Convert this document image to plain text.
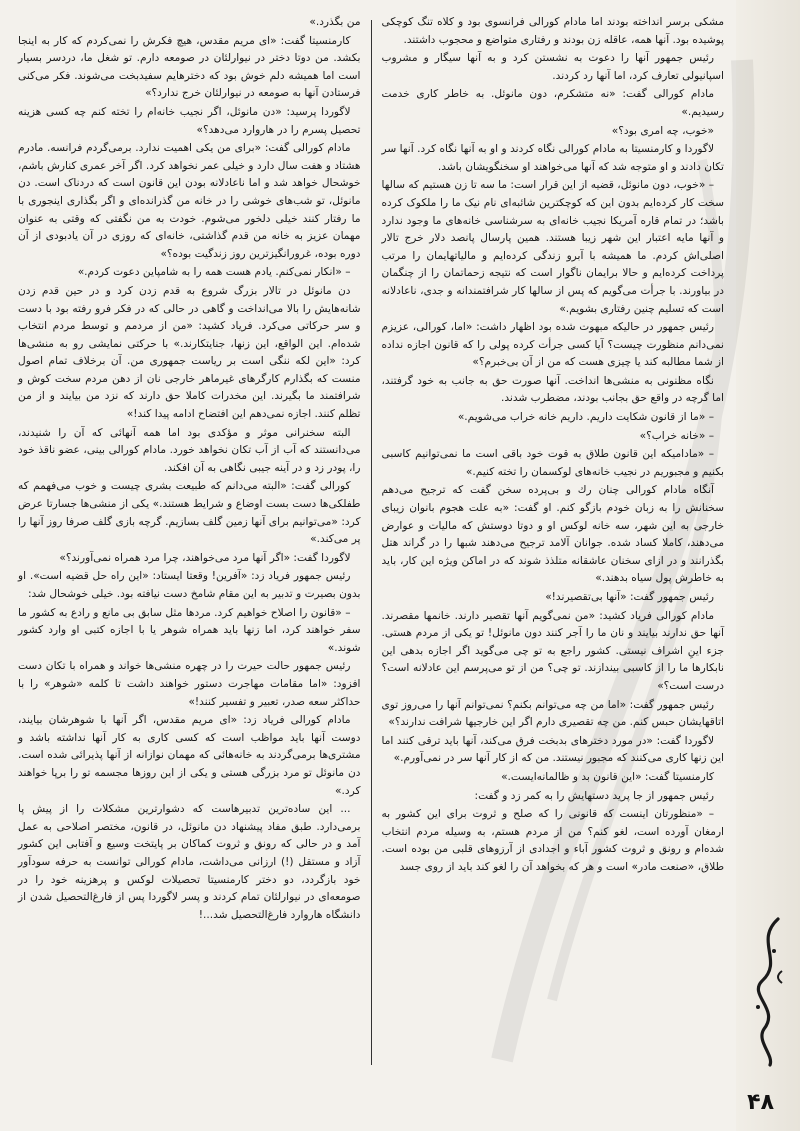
مشکی برسر انداخته بودند اما مادام کورالی فرانسوی بود و کلاه تنگ کوچکی پوشیده بود. آنها همه، عاقله زن بودند و رفتاری متواضع و محجوب داشتند.

رئیس جمهور آنها را دعوت به نشستن کرد و به آنها سیگار و مشروب اسپانیولی تعارف کرد، اما آنها رد کردند.

مادام کورالی گفت: «نه متشکرم، دون مانوئل. به خاطر کاری خدمت رسیدیم.»

«خوب، چه امری بود؟»

لاگوردا و کارمنسیتا به مادام کورالی نگاه کردند و او به آنها نگاه کرد. آنها سر تکان دادند و او متوجه شد که آنها می‌خواهند او سخنگویشان باشد.

– «خوب، دون مانوئل، قضیه از این قرار است: ما سه تا زن هستیم که سالها سخت کار کرده‌ایم بدون این که کوچکترین شائبه‌ای نام نیک ما را ملکوک کرده باشد؛ در تمام قاره آمریکا نجیب خانه‌ای به سرشناسی خانه‌های ما وجود ندارد و آنها مایه اعتبار این شهر زیبا هستند. همین پارسال پانصد دلار خرج تالار اصلی‌اش کردم. ما همیشه با آبرو زندگی کرده‌ایم و مالیاتهایمان را مرتب پرداخت کرده‌ایم و حالا برایمان ناگوار است که نتیجه زحماتمان را از چنگمان در بیاورند. با جرأت می‌گویم که پس از سالها کار شرافتمندانه و جدی، ناعادلانه است که تسلیم چنین رفتاری بشویم.»

رئیس جمهور در حالیکه مبهوت شده بود اظهار داشت: «اما، کورالی، عزیزم نمی‌دانم منظورت چیست؟ آیا کسی جرأت کرده پولی را که قانون اجازه نداده از شما مطالبه کند یا چیزی هست که من از آن بی‌خبرم؟»

نگاه مظنونی به منشی‌ها انداخت. آنها صورت حق به جانب به خود گرفتند، اما گرچه در واقع حق بجانب بودند، مضطرب شدند.

– «ما از قانون شکایت داریم. داریم خانه خراب می‌شویم.»

– «خانه خراب؟»

– «مادامیکه این قانون طلاق به قوت خود باقی است ما نمی‌توانیم کاسبی بکنیم و مجبوریم در نجیب خانه‌های لوکسمان را تخته کنیم.»

آنگاه مادام کورالی چنان رك و بی‌پرده سخن گفت که ترجیح می‌دهم سخنانش را به زبان خودم بازگو کنم. او گفت: «به علت هجوم بانوان زیبای خارجی به این شهر، سه خانه لوکس او و دوتا دوستش که مالیات و عوارض می‌دهند، کاملا کساد شده. جوانان آلامد ترجیح می‌دهند شبها را در گراند هتل بگذرانند و در ازای سخنان عاشقانه متلذذ شوند که در اماکن ویژه این کار، باید به خاطرش پول سیاه بدهند.»

رئیس جمهور گفت: «آنها بی‌تقصیرند!»

مادام کورالی فریاد کشید: «من نمی‌گویم آنها تقصیر دارند. خانمها مقصرند. آنها حق ندارند بیایند و نان ما را آجر کنند دون مانوئل! تو یکی از مردم هستی. جزء اینِ اشراف نیستی. کشور راجع به تو چی می‌گوید اگر اجازه بدهی این نابکارها ما را از کاسبی بیندازند. تو چی؟ من از تو می‌پرسم این عادلانه است؟ درست است؟»

رئیس جمهور گفت: «اما من چه می‌توانم بکنم؟ نمی‌توانم آنها را می‌روز توی اتاقهایشان حبس کنم. من چه تقصیری دارم اگر این خارجیها شرافت ندارند؟»

لاگوردا گفت: «در مورد دخترهای بدبخت فرق می‌کند، آنها باید ترقی کنند اما این زنها کاری می‌کنند که مجبور نیستند. من که از کار آنها سر در نمی‌آورم.»

کارمنسیتا گفت: «این قانون بد و ظالمانه‌ایست.»

رئیس جمهور از جا پرید دستهایش را به کمر زد و گفت:

– «منظورتان اینست که قانونی را که صلح و ثروت برای این کشور به ارمغان آورده است، لغو کنم؟ من از مردم هستم، به وسیله مردم انتخاب شده‌ام و رونق و ثروت کشور آباء و اجدادی از آرزوهای قلبی من بوده است. طلاق، «صنعت مادر» است و هر که بخواهد آن را لغو کند باید از روی جسد

من بگذرد.»

کارمنسیتا گفت: «ای مریم مقدس، هیچ فکرش را نمی‌کردم که کار به اینجا بکشد. من دوتا دختر در نیوارلئان در صومعه دارم. تو شغل ما، دردسر بسیار است اما همیشه دلم خوش بود که دخترهایم سفیدبخت می‌شوند. فکر می‌کنی فرستادن آنها به صومعه در نیوارلئان خرج ندارد؟»

لاگوردا پرسید: «دن مانوئل، اگر نجیب خانه‌ام را تخته کنم چه کسی هزینه تحصیل پسرم را در هاروارد می‌دهد؟»

مادام کورالی گفت: «برای من یکی اهمیت ندارد. برمی‌گردم فرانسه. مادرم هشتاد و هفت سال دارد و خیلی عمر نخواهد کرد. اگر آخر عمری کنارش باشم، خوشحال خواهد شد و اما ناعادلانه بودن این قانون است که دردناک است. دن مانوئل، تو شب‌های خوشی را در خانه من گذرانده‌ای و اگر بگذاری اینجوری با ما رفتار کنند خیلی دلخور می‌شوم. خودت به من نگفتی که وقتی به عنوان مهمان عزیز به خانه من قدم گذاشتی، خانه‌ای که روزی در آن یادبودی از آن دوره بوده، غرورانگیزترین روز زندگیت بوده؟»

– «انکار نمی‌کنم. یادم هست همه را به شامپاین دعوت کردم.»

دن مانوئل در تالار بزرگ شروع به قدم زدن کرد و در حین قدم زدن شانه‌هایش را بالا می‌انداخت و گاهی در حالی که در فکر فرو رفته بود با دست و سر حرکاتی می‌کرد. فریاد کشید: «من از مردمم و توسط مردم انتخاب شده‌ام. این الواقع، این زنها، جنایتکارند.» با حرکتی نمایشی رو به منشی‌ها کرد: «این لکه ننگی است بر ریاست جمهوری من. آن برخلاف تمام اصول منست که بگذارم کارگرهای غیرماهر خارجی نان از دهن مردم سخت کوش و شرافتمند ما بگیرند. این مخدرات کاملا حق دارند که نزد من بیایند و از من تظلم کنند. اجازه نمی‌دهم این افتضاح ادامه پیدا کند!»

البته سخنرانی موثر و مؤکدی بود اما همه آنهائی که آن را شنیدند، می‌دانستند که آب از آب تکان نخواهد خورد. مادام کورالی بینی، عضو ناقذ خود را، پودر زد و در آینه جیبی نگاهی به آن افکند.

کورالی گفت: «البته می‌دانم که طبیعت بشری چیست و خوب می‌فهمم که طفلکی‌ها دست بست اوضاع و شرایط هستند.» یکی از منشی‌ها جسارتا عرض کرد: «می‌توانیم برای آنها زمین گلف بسازیم. گرچه بازی گلف صرفا روز آنها را پر می‌کند.»

لاگوردا گفت: «اگر آنها مرد می‌خواهند، چرا مرد همراه نمی‌آورند؟»

رئیس جمهور فریاد زد: «آفرین! وقعتا ایستاد: «این راه حل قضیه است». او بدون بصیرت و تدبیر به این مقام شامخ دست نیافته بود. خیلی خوشحال شد:

– «قانون را اصلاح خواهیم کرد. مردها مثل سابق بی مانع و رادع به کشور ما سفر خواهند کرد، اما زنها باید همراه شوهر یا با اجازه کتبی او وارد کشور شوند.»

رئیس جمهور حالت حیرت را در چهره منشی‌ها خواند و همراه با تکان دست افزود: «اما مقامات مهاجرت دستور خواهند داشت تا کلمه «شوهر» را با حداکثر سعه صدر، تعبیر و تفسیر کنند!»

مادام کورالی فریاد زد: «ای مریم مقدس، اگر آنها با شوهرشان بیایند، دوست آنها باید مواظب است که کسی کاری به کار آنها نداشته باشد و مشتری‌ها برمی‌گردند به خانه‌هائی که مهمان نوازانه از آنها پذیرائی شده است. دن مانوئل تو مرد بزرگی هستی و یکی از این روزها مجسمه تو را برپا خواهند کرد.»

... این ساده‌ترین تدبیرهاست که دشوارترین مشکلات را از پیش پا برمی‌دارد. طبق مفاد پیشنهاد دن مانوئل، در قانون، مختصر اصلاحی به عمل آمد و در حالی که رونق و ثروت کماکان بر پایتخت وسیع و آفتابی این کشور آزاد و مستقل (!) ارزانی می‌داشت، مادام کورالی توانست به حرفه سودآور خود بازگردد، دو دختر کارمنسیتا تحصیلات لوکس و پرهزینه خود را در صومعه‌ای در نیوارلئان تمام کردند و پسر لاگوردا پس از فارغ‌التحصیل شدن از دانشگاه هاروارد فارغ‌التحصیل شد...!

۴۸
